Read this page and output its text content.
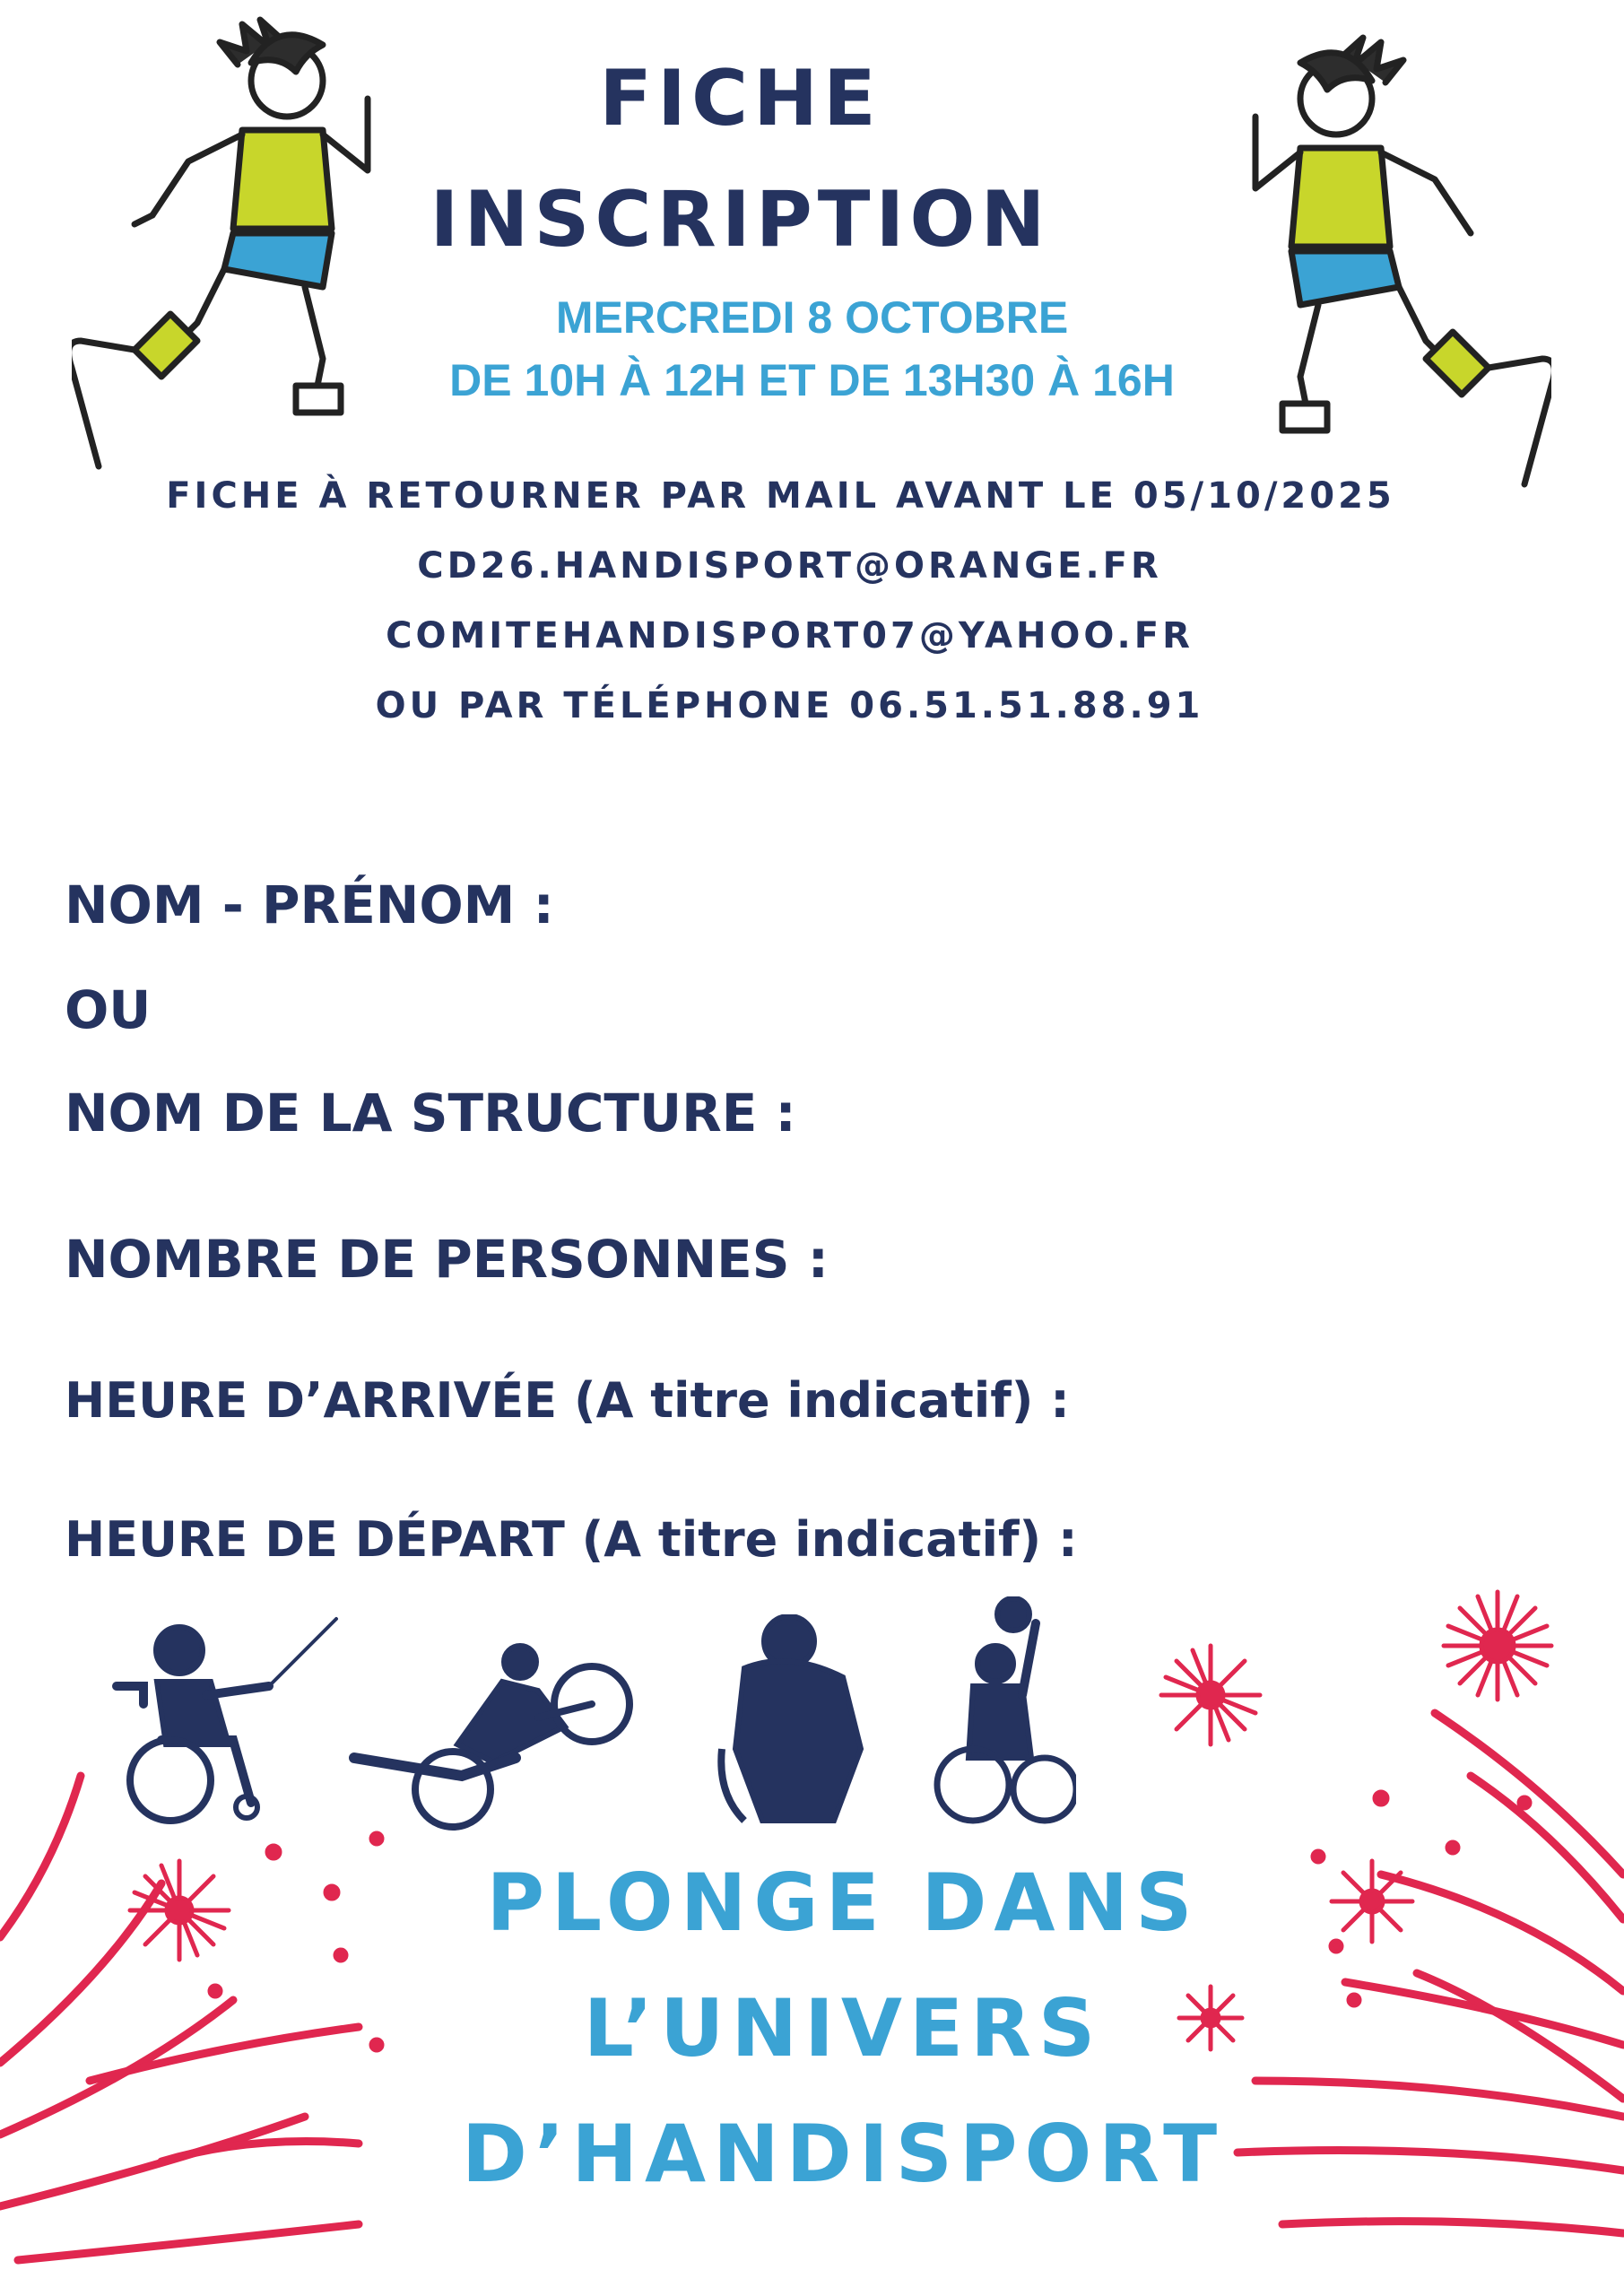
FICHE
INSCRIPTION
MERCREDI 8 OCTOBRE
DE 10H À 12H ET DE 13H30 À 16H
FICHE À RETOURNER PAR MAIL AVANT LE 05/10/2025
CD26.HANDISPORT@ORANGE.FR
COMITEHANDISPORT07@YAHOO.FR
OU PAR TÉLÉPHONE 06.51.51.88.91
NOM - PRÉNOM :
OU
NOM DE LA STRUCTURE :
NOMBRE DE PERSONNES :
HEURE D’ARRIVÉE (A titre indicatif) :
HEURE DE DÉPART (A titre indicatif) :
PLONGE DANS
L’UNIVERS
D’HANDISPORT
